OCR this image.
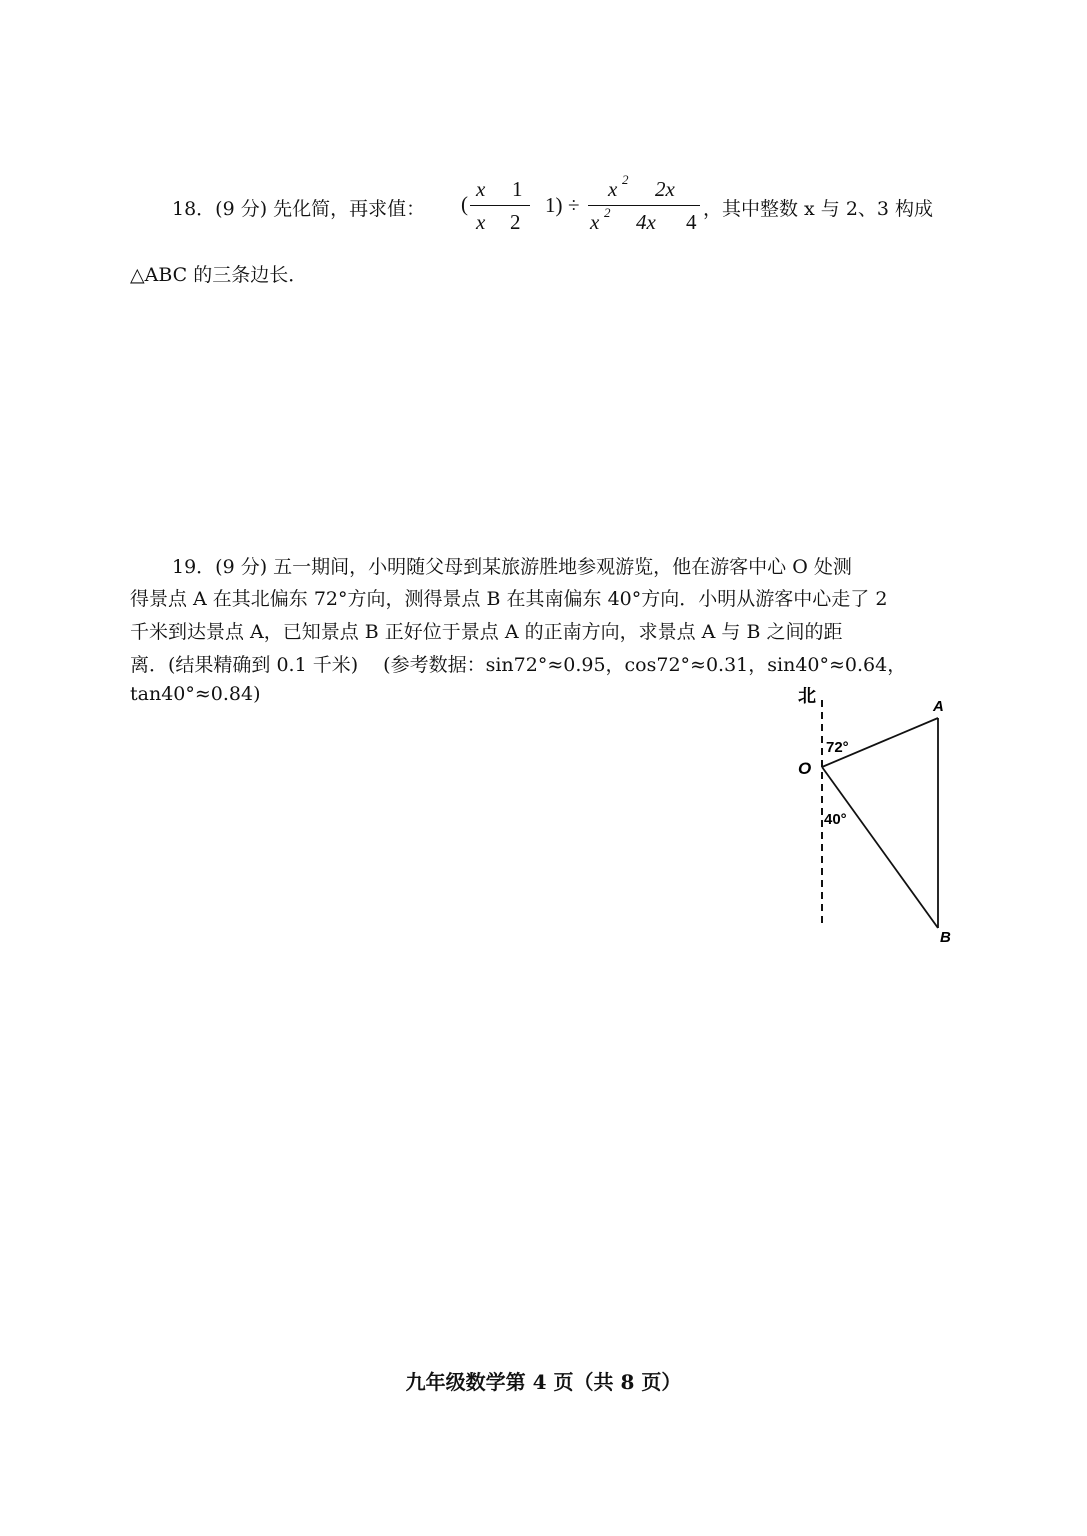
18．(9 分) 先化简，再求值： (
x 1
x 2
1) ÷
x 2 2x
x 2 4x 4
，其中整数 x 与 2、3 构成
△ABC 的三条边长．
19．(9 分) 五一期间，小明随父母到某旅游胜地参观游览，他在游客中心 O 处测
得景点 A 在其北偏东 72°方向，测得景点 B 在其南偏东 40°方向．小明从游客中心走了 2
千米到达景点 A，已知景点 B 正好位于景点 A 的正南方向，求景点 A 与 B 之间的距
离．(结果精确到 0.1 千米)　 (参考数据：sin72°≈0.95，cos72°≈0.31，sin40°≈0.64，
tan40°≈0.84)	北
O
A
B
72°
40°
九年级数学第 4 页（共 8 页）
